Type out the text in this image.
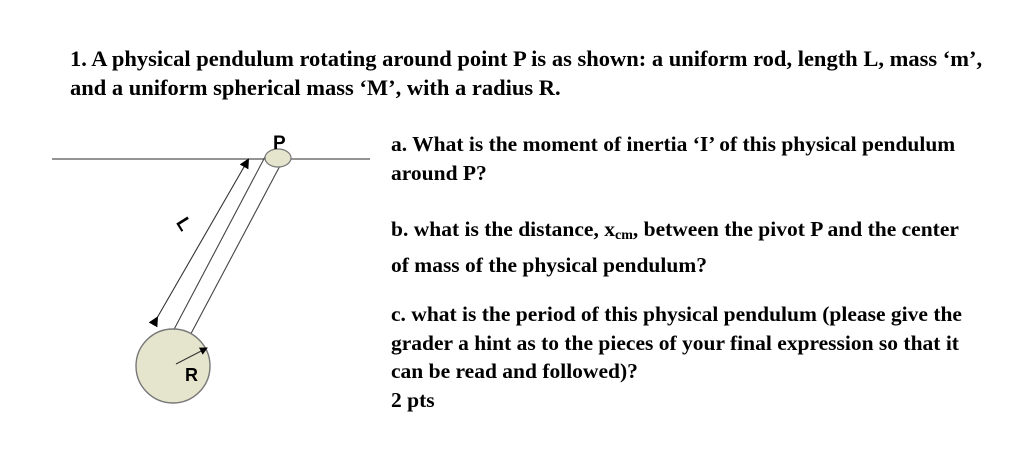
1. A physical pendulum rotating around point P is as shown: a uniform rod, length L, mass ‘m’, and a uniform spherical mass ‘M’, with a radius R.
P
L
R

a. What is the moment of inertia ‘I’ of this physical pendulum around P?

b. what is the distance, $x_{cm}$, between the pivot P and the center of mass of the physical pendulum?

c. what is the period of this physical pendulum (please give the grader a hint as to the pieces of your final expression so that it can be read and followed)?
2 pts
